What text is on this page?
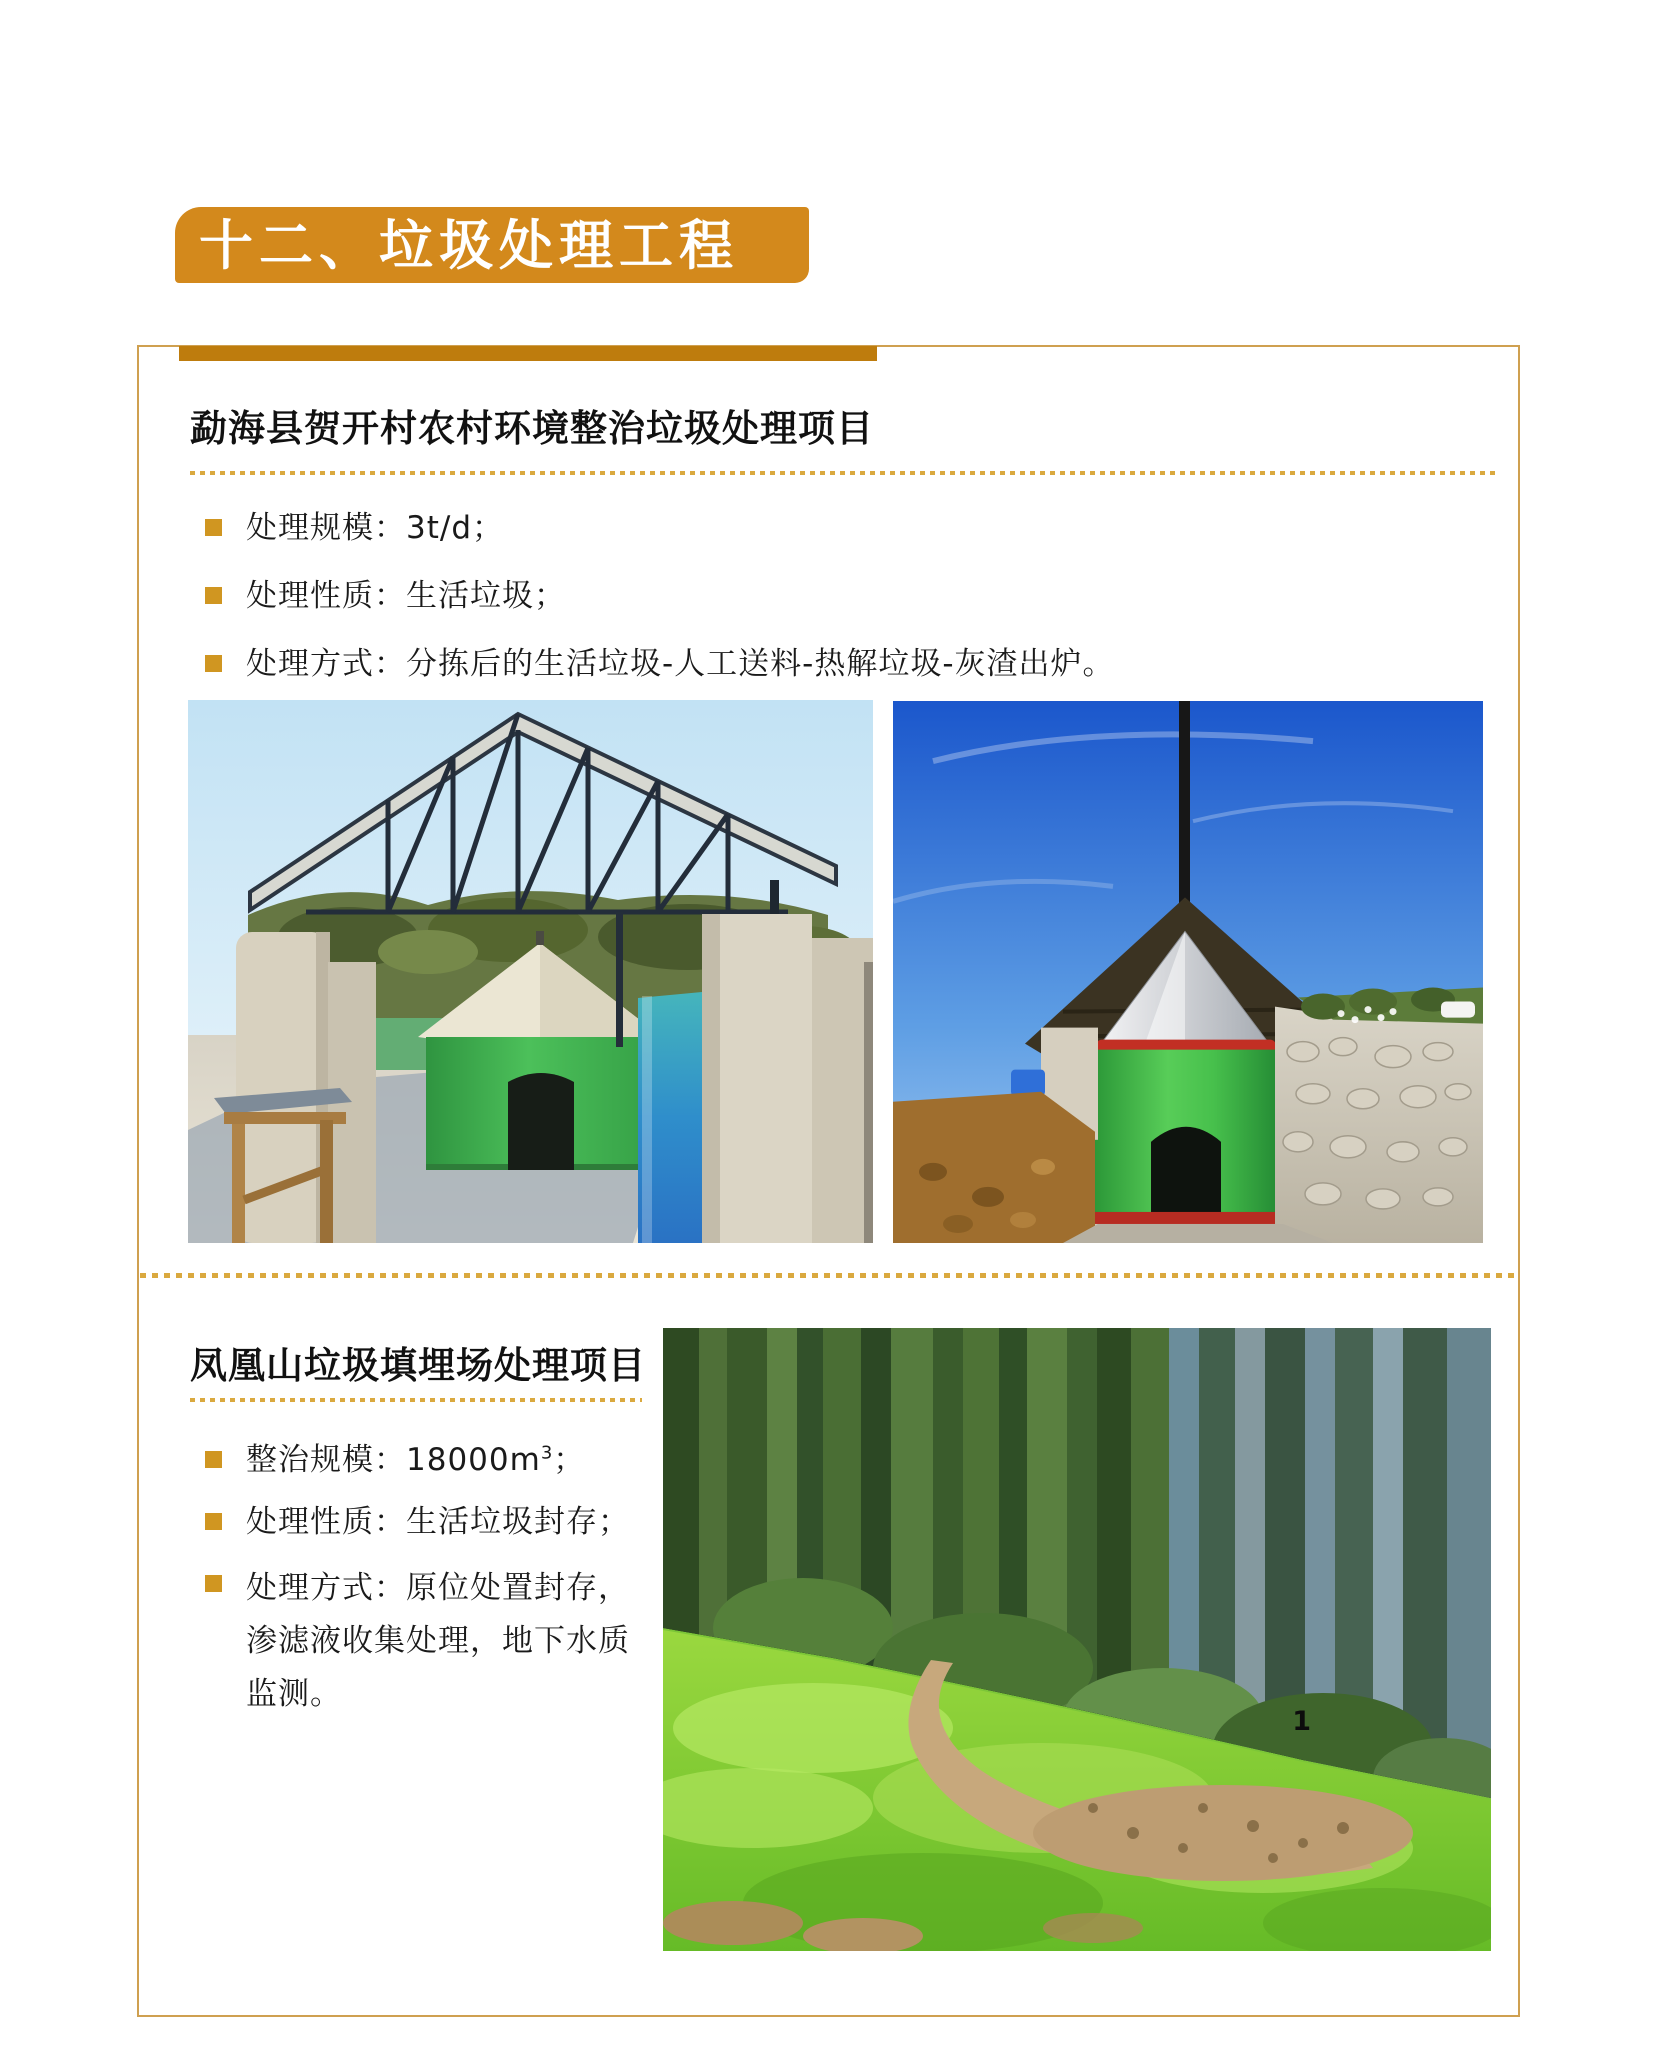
十二、垃圾处理工程
勐海县贺开村农村环境整治垃圾处理项目
处理规模：3t/d；
处理性质：生活垃圾；
处理方式：分拣后的生活垃圾-人工送料-热解垃圾-灰渣出炉。
凤凰山垃圾填埋场处理项目
整治规模：$18000m^3$；
处理性质：生活垃圾封存；
处理方式：原位处置封存，
渗滤液收集处理，地下水质
监测。
1
